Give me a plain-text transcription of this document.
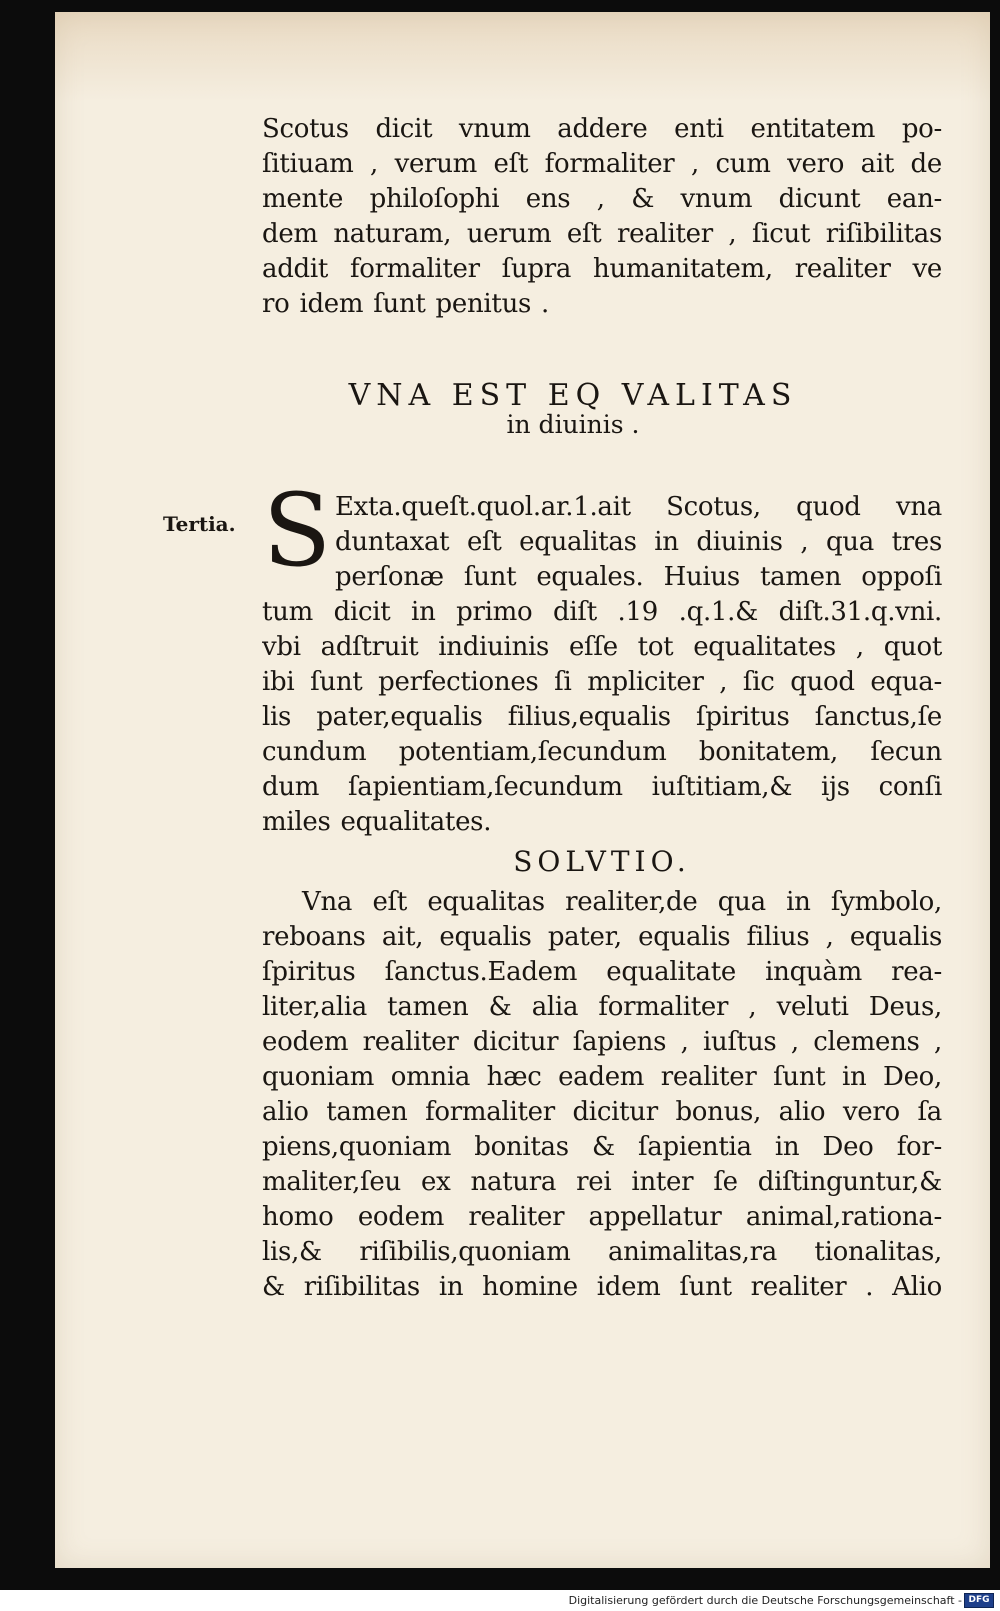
Scotus dicit vnum addere enti entitatem po-
ſitiuam , verum eſt formaliter , cum vero ait de
mente philoſophi ens , & vnum dicunt ean-
dem naturam, uerum eſt realiter , ſicut riſibilitas
addit formaliter ſupra humanitatem, realiter ve
ro idem ſunt penitus .
VNA EST EQ VALITAS
in diuinis .
Tertia. S Exta.queſt.quol.ar.1.ait Scotus, quod vna
duntaxat eſt equalitas in diuinis , qua tres
perſonæ ſunt equales. Huius tamen oppoſi
tum dicit in primo diſt .19 .q.1.& diſt.31.q.vni.
vbi adſtruit indiuinis eſſe tot equalitates , quot
ibi ſunt perfectiones ſi mpliciter , ſic quod equa-
lis pater,equalis filius,equalis ſpiritus ſanctus,ſe
cundum potentiam,ſecundum bonitatem, ſecun
dum ſapientiam,ſecundum iuſtitiam,& ijs conſi
miles equalitates.
SOLVTIO.
Vna eſt equalitas realiter,de qua in ſymbolo,
reboans ait, equalis pater, equalis filius , equalis
ſpiritus ſanctus.Eadem equalitate inquàm rea-
liter,alia tamen & alia formaliter , veluti Deus,
eodem realiter dicitur ſapiens , iuſtus , clemens ,
quoniam omnia hæc eadem realiter ſunt in Deo,
alio tamen formaliter dicitur bonus, alio vero ſa
piens,quoniam bonitas & ſapientia in Deo for-
maliter,ſeu ex natura rei inter ſe diſtinguntur,&
homo eodem realiter appellatur animal,rationa-
lis,& riſibilis,quoniam animalitas,ra tionalitas,
& riſibilitas in homine idem ſunt realiter . Alio
Digitalisierung gefördert durch die Deutsche Forschungsgemeinschaft - DFG
